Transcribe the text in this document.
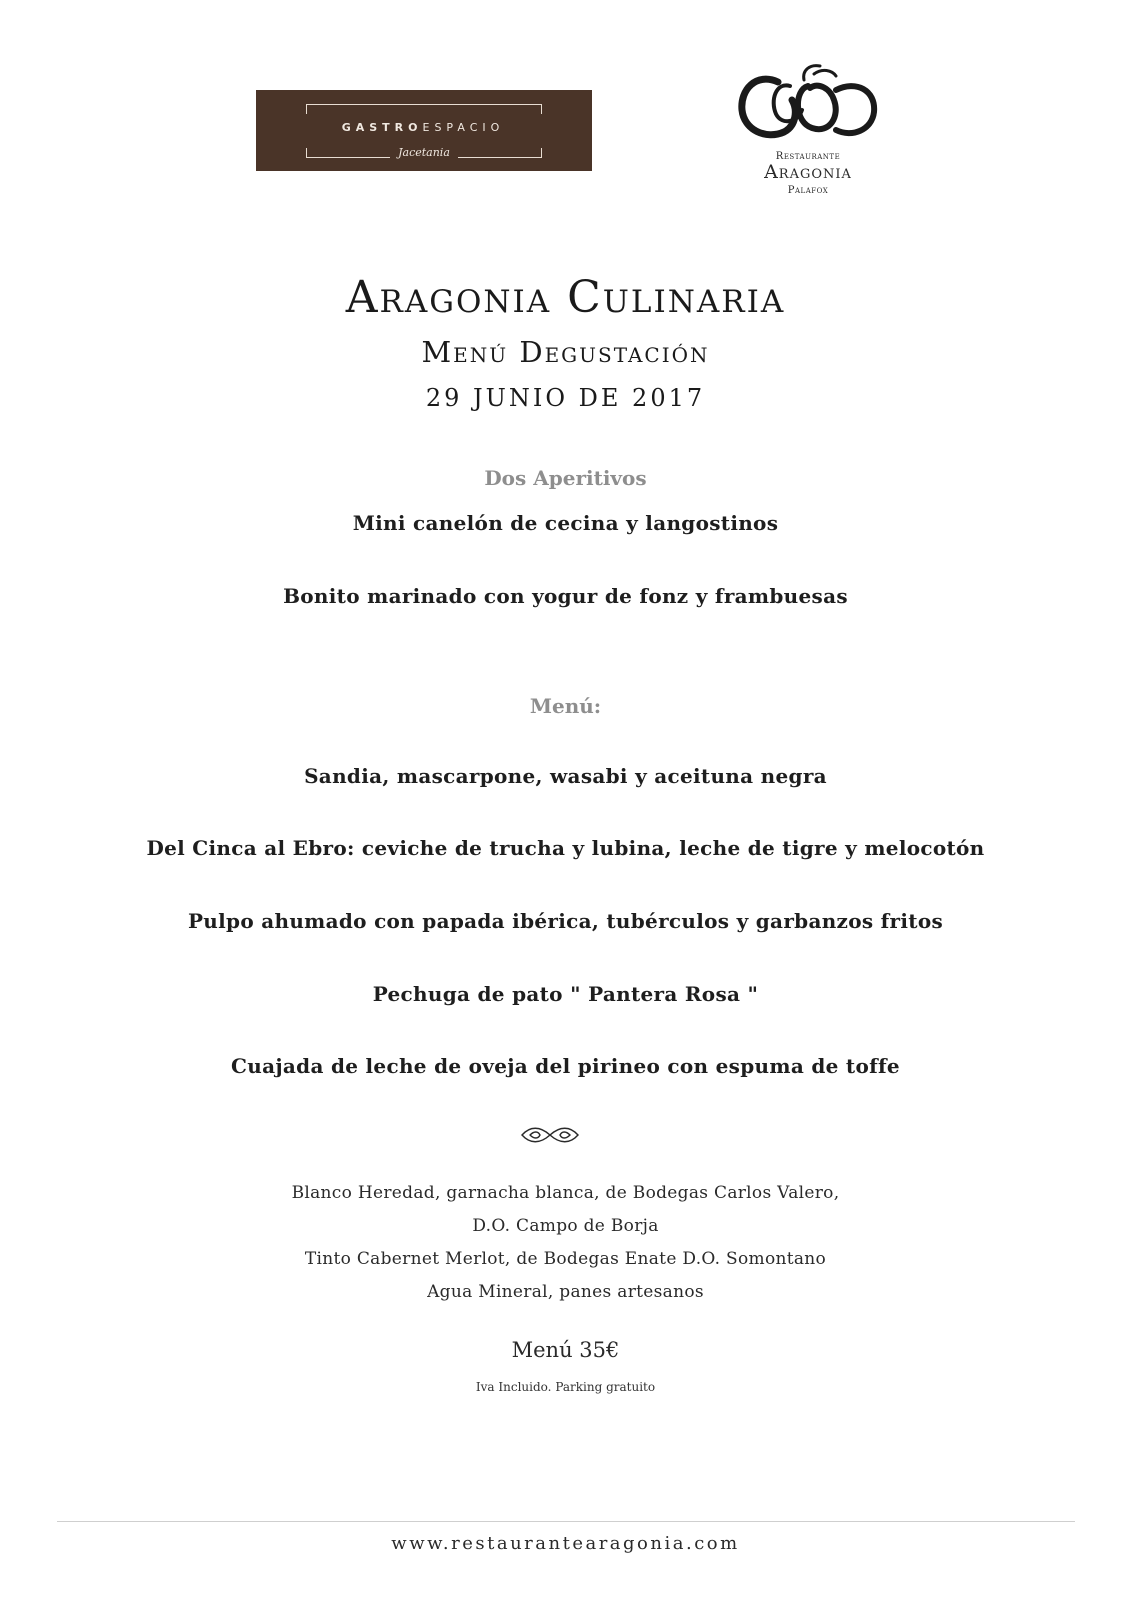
GASTROESPACIO
Jacetania	Restaurante
Aragonia
Palafox
Aragonia Culinaria
Menú Degustación
29 JUNIO DE 2017
Dos Aperitivos
Mini canelón de cecina y langostinos
Bonito marinado con yogur de fonz y frambuesas
Menú:
Sandia, mascarpone, wasabi y aceituna negra
Del Cinca al Ebro: ceviche de trucha y lubina, leche de tigre y melocotón
Pulpo ahumado con papada ibérica, tubérculos y garbanzos fritos
Pechuga de pato " Pantera Rosa "
Cuajada de leche de oveja del pirineo con espuma de toffe
Blanco Heredad, garnacha blanca, de Bodegas Carlos Valero,
D.O. Campo de Borja
Tinto Cabernet Merlot, de Bodegas Enate D.O. Somontano
Agua Mineral, panes artesanos
Menú 35€
Iva Incluido. Parking gratuito
www.restaurantearagonia.com
